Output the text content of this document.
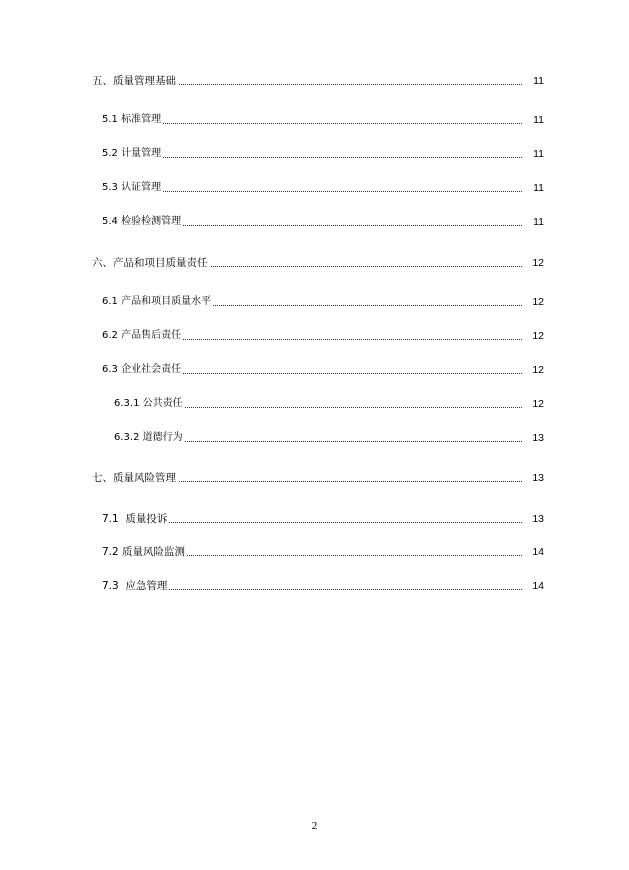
五、质量管理基础	11
5.1 标准管理	11
5.2 计量管理	11
5.3 认证管理	11
5.4 检验检测管理	11
六、产品和项目质量责任	12
6.1 产品和项目质量水平	12
6.2 产品售后责任	12
6.3 企业社会责任	12
6.3.1 公共责任	12
6.3.2 道德行为	13
七、质量风险管理	13
7.1  质量投诉	13
7.2 质量风险监测	14
7.3  应急管理	14
2
